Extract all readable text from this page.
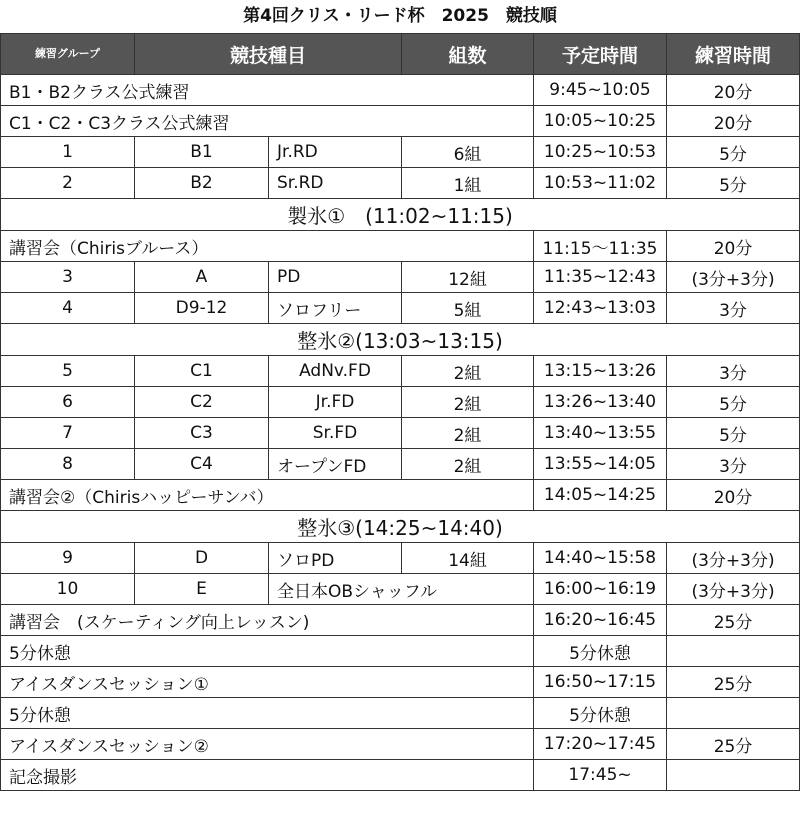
第4回クリス・リード杯　2025　競技順
練習グループ	競技種目		組数	予定時間	練習時間
B1・B2クラス公式練習				9:45~10:05	20分
C1・C2・C3クラス公式練習				10:05~10:25	20分
1	B1	Jr.RD	6組	10:25~10:53	5分
2	B2	Sr.RD	1組	10:53~11:02	5分
製氷①　(11:02~11:15)					
講習会（Chirisブルース）				11:15～11:35	20分
3	A	PD	12組	11:35~12:43	(3分+3分)
4	D9-12	ソロフリー	5組	12:43~13:03	3分
整氷②(13:03~13:15)					
5	C1	AdNv.FD	2組	13:15~13:26	3分
6	C2	Jr.FD	2組	13:26~13:40	5分
7	C3	Sr.FD	2組	13:40~13:55	5分
8	C4	オープンFD	2組	13:55~14:05	3分
講習会②（Chirisハッピーサンバ）				14:05~14:25	20分
整氷③(14:25~14:40)					
9	D	ソロPD	14組	14:40~15:58	(3分+3分)
10	E	全日本OBシャッフル		16:00~16:19	(3分+3分)
講習会　(スケーティング向上レッスン)				16:20~16:45	25分
5分休憩				5分休憩	
アイスダンスセッション①				16:50~17:15	25分
5分休憩				5分休憩	
アイスダンスセッション②				17:20~17:45	25分
記念撮影				17:45~	
